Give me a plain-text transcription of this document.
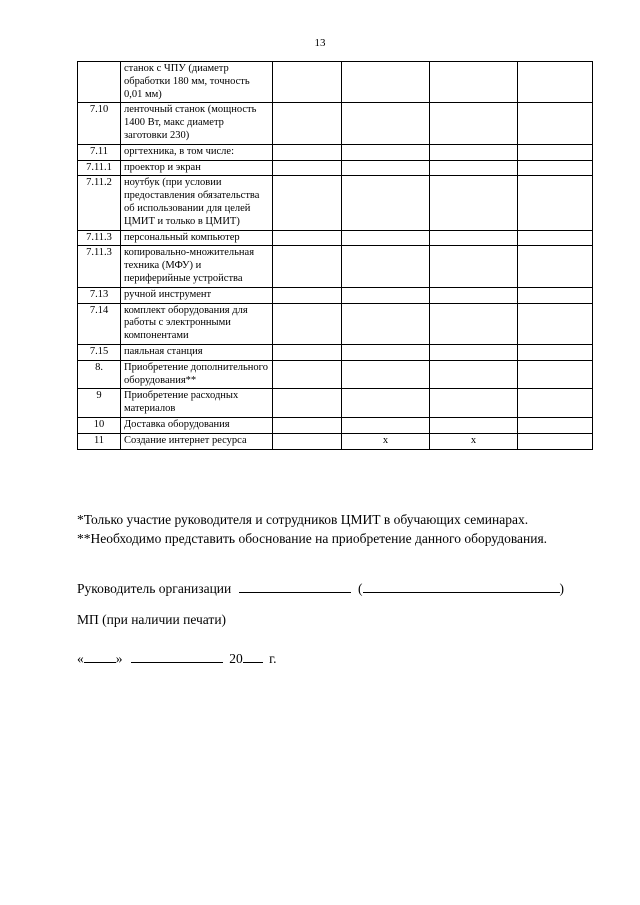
13
	станок с ЧПУ (диаметр обработки 180 мм, точность 0,01 мм)				
7.10	ленточный станок (мощность 1400 Вт, макс диаметр заготовки 230)				
7.11	оргтехника, в том числе:				
7.11.1	проектор и экран				
7.11.2	ноутбук (при условии предоставления обязательства об использовании для целей ЦМИТ и только в ЦМИТ)				
7.11.3	персональный компьютер				
7.11.3	копировально-множительная техника (МФУ) и периферийные устройства				
7.13	ручной инструмент				
7.14	комплект оборудования для работы с электронными компонентами				
7.15	паяльная станция				
8.	Приобретение дополнительного оборудования**				
9	Приобретение расходных материалов				
10	Доставка оборудования				
11	Создание интернет ресурса		x	x	
*Только участие руководителя и сотрудников ЦМИТ в обучающих семинарах.
**Необходимо представить обоснование на приобретение данного оборудования.
Руководитель организации	(	)
МП (при наличии печати)
« »	20 г.
